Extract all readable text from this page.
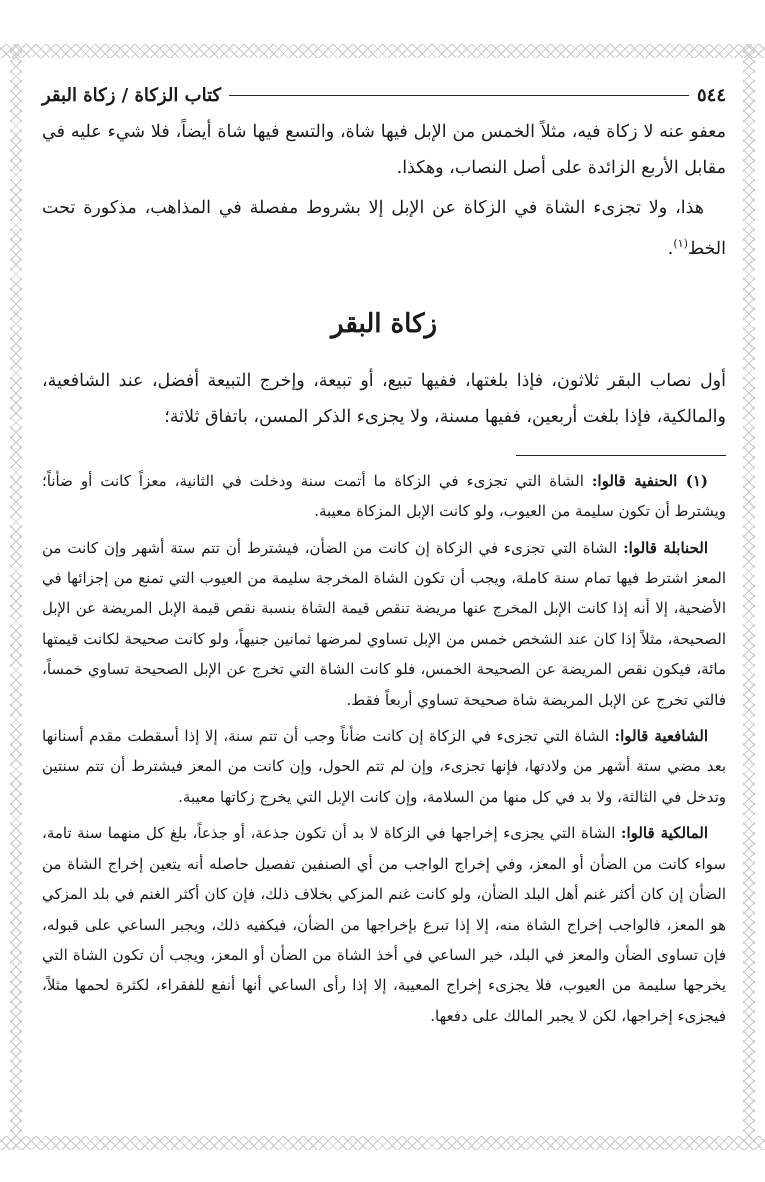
٥٤٤
كتاب الزكاة / زكاة البقر

معفو عنه لا زكاة فيه، مثلاً الخمس من الإبل فيها شاة، والتسع فيها شاة أيضاً، فلا شيء عليه في مقابل الأربع الزائدة على أصل النصاب، وهكذا.

هذا، ولا تجزىء الشاة في الزكاة عن الإبل إلا بشروط مفصلة في المذاهب، مذكورة تحت الخط$^{(١)}$.

زكاة البقر

أول نصاب البقر ثلاثون، فإذا بلغتها، ففيها تبيع، أو تبيعة، وإخرج التبيعة أفضل، عند الشافعية، والمالكية، فإذا بلغت أربعين، ففيها مسنة، ولا يجزىء الذكر المسن، باتفاق ثلاثة؛

(١) الحنفية قالوا: الشاة التي تجزىء في الزكاة ما أتمت سنة ودخلت في الثانية، معزاً كانت أو ضأناً؛ ويشترط أن تكون سليمة من العيوب، ولو كانت الإبل المزكاة معيبة.

الحنابلة قالوا: الشاة التي تجزىء في الزكاة إن كانت من الضأن، فيشترط أن تتم ستة أشهر وإن كانت من المعز اشترط فيها تمام سنة كاملة، ويجب أن تكون الشاة المخرجة سليمة من العيوب التي تمنع من إجزائها في الأضحية، إلا أنه إذا كانت الإبل المخرج عنها مريضة تنقص قيمة الشاة بنسبة نقص قيمة الإبل المريضة عن الإبل الصحيحة، مثلاً إذا كان عند الشخص خمس من الإبل تساوي لمرضها ثمانين جنيهاً، ولو كانت صحيحة لكانت قيمتها مائة، فيكون نقص المريضة عن الصحيحة الخمس، فلو كانت الشاة التي تخرج عن الإبل الصحيحة تساوي خمساً، فالتي تخرج عن الإبل المريضة شاة صحيحة تساوي أربعاً فقط.

الشافعية قالوا: الشاة التي تجزىء في الزكاة إن كانت ضأناً وجب أن تتم سنة، إلا إذا أسقطت مقدم أسنانها بعد مضي ستة أشهر من ولادتها، فإنها تجزىء، وإن لم تتم الحول، وإن كانت من المعز فيشترط أن تتم سنتين وتدخل في الثالثة، ولا بد في كل منها من السلامة، وإن كانت الإبل التي يخرج زكاتها معيبة.

المالكية قالوا: الشاة التي يجزىء إخراجها في الزكاة لا بد أن تكون جذعة، أو جذعاً، بلغ كل منهما سنة تامة، سواء كانت من الضأن أو المعز، وفي إخراج الواجب من أي الصنفين تفصيل حاصله أنه يتعين إخراج الشاة من الضأن إن كان أكثر غنم أهل البلد الضأن، ولو كانت غنم المزكي بخلاف ذلك، فإن كان أكثر الغنم في بلد المزكي هو المعز، فالواجب إخراج الشاة منه، إلا إذا تبرع بإخراجها من الضأن، فيكفيه ذلك، ويجبر الساعي على قبوله، فإن تساوى الضأن والمعز في البلد، خير الساعي في أخذ الشاة من الضأن أو المعز، ويجب أن تكون الشاة التي يخرجها سليمة من العيوب، فلا يجزىء إخراج المعيبة، إلا إذا رأى الساعي أنها أنفع للفقراء، لكثرة لحمها مثلاً، فيجزىء إخراجها، لكن لا يجبر المالك على دفعها.
